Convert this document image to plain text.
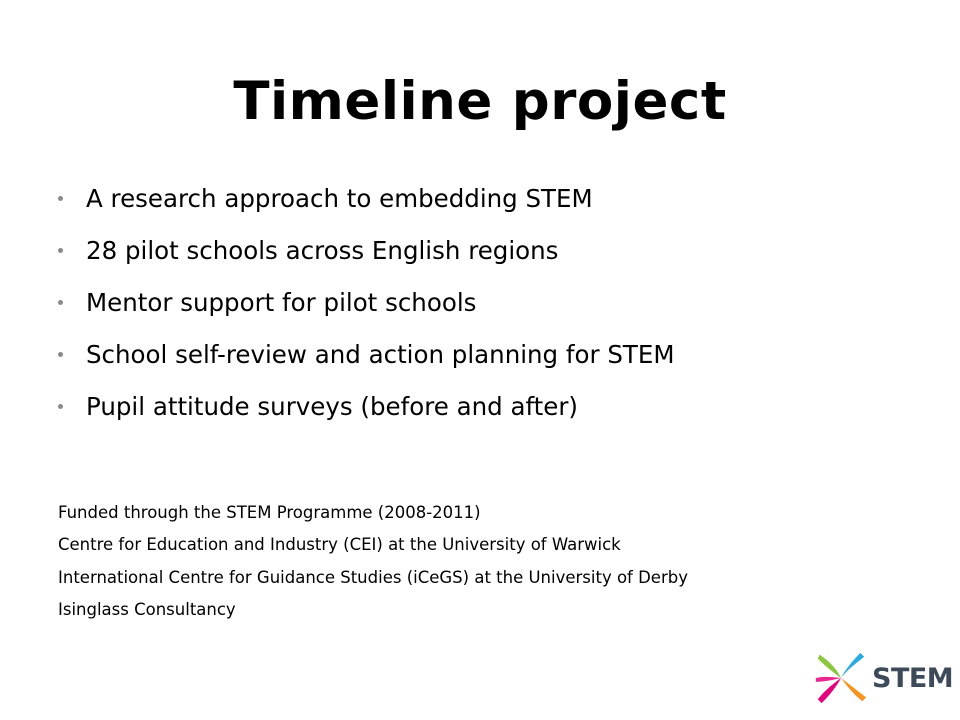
Timeline project
A research approach to embedding STEM
28 pilot schools across English regions
Mentor support for pilot schools
School self-review and action planning for STEM
Pupil attitude surveys (before and after)
Funded through the STEM Programme (2008-2011)
Centre for Education and Industry (CEI) at the University of Warwick
International Centre for Guidance Studies (iCeGS) at the University of Derby
Isinglass Consultancy
STEM
